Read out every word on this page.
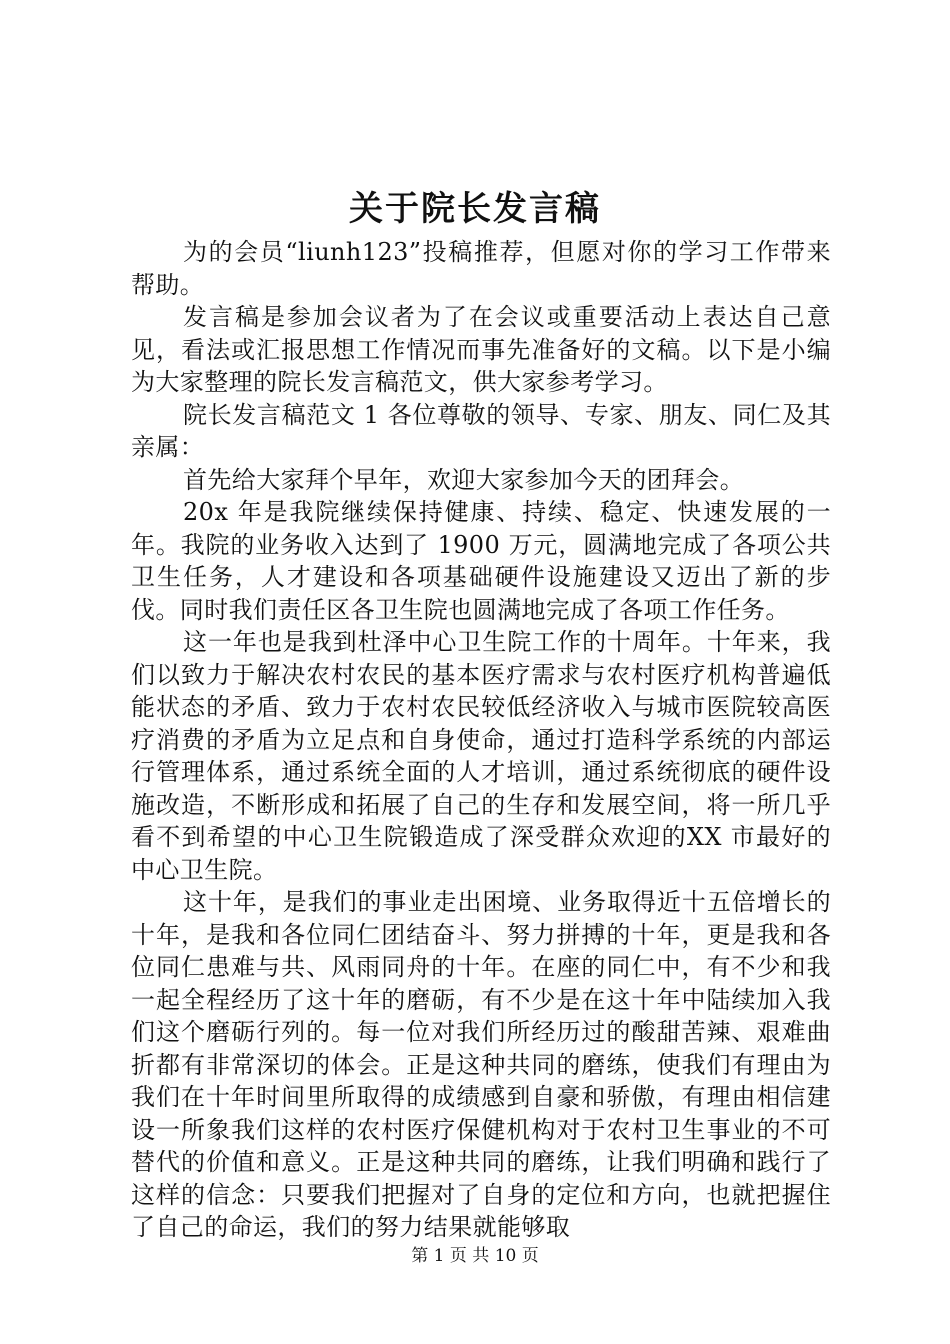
关于院长发言稿

为的会员“liunh123”投稿推荐，但愿对你的学习工作带来帮助。

发言稿是参加会议者为了在会议或重要活动上表达自己意见，看法或汇报思想工作情况而事先准备好的文稿。以下是小编为大家整理的院长发言稿范文，供大家参考学习。

院长发言稿范文 1 各位尊敬的领导、专家、朋友、同仁及其亲属：

首先给大家拜个早年，欢迎大家参加今天的团拜会。

20x 年是我院继续保持健康、持续、稳定、快速发展的一年。我院的业务收入达到了 1900 万元，圆满地完成了各项公共卫生任务，人才建设和各项基础硬件设施建设又迈出了新的步伐。同时我们责任区各卫生院也圆满地完成了各项工作任务。

这一年也是我到杜泽中心卫生院工作的十周年。十年来，我们以致力于解决农村农民的基本医疗需求与农村医疗机构普遍低能状态的矛盾、致力于农村农民较低经济收入与城市医院较高医疗消费的矛盾为立足点和自身使命，通过打造科学系统的内部运行管理体系，通过系统全面的人才培训，通过系统彻底的硬件设施改造，不断形成和拓展了自己的生存和发展空间，将一所几乎看不到希望的中心卫生院锻造成了深受群众欢迎的XX 市最好的中心卫生院。

这十年，是我们的事业走出困境、业务取得近十五倍增长的十年，是我和各位同仁团结奋斗、努力拼搏的十年，更是我和各位同仁患难与共、风雨同舟的十年。在座的同仁中，有不少和我一起全程经历了这十年的磨砺，有不少是在这十年中陆续加入我们这个磨砺行列的。每一位对我们所经历过的酸甜苦辣、艰难曲折都有非常深切的体会。正是这种共同的磨练，使我们有理由为我们在十年时间里所取得的成绩感到自豪和骄傲，有理由相信建设一所象我们这样的农村医疗保健机构对于农村卫生事业的不可替代的价值和意义。正是这种共同的磨练，让我们明确和践行了这样的信念：只要我们把握对了自身的定位和方向，也就把握住了自己的命运，我们的努力结果就能够取

第 1 页 共 10 页
